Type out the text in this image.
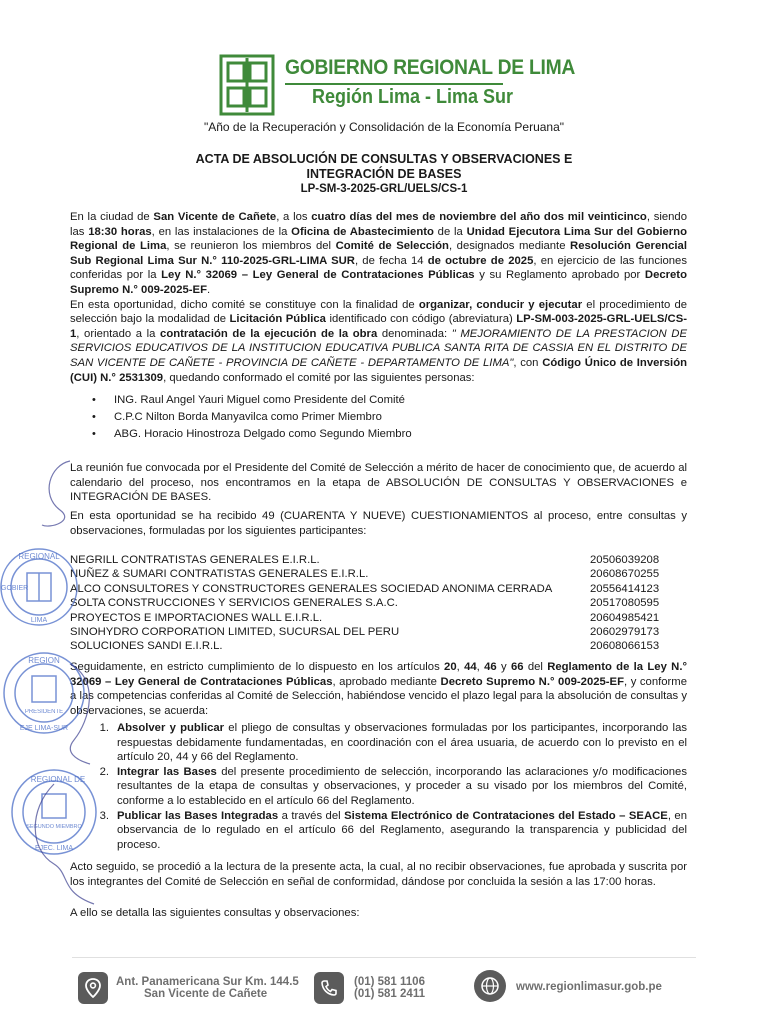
GOBIERNO REGIONAL DE LIMA
Región Lima - Lima Sur
"Año de la Recuperación y Consolidación de la Economía Peruana"
ACTA DE ABSOLUCIÓN DE CONSULTAS Y OBSERVACIONES E
INTEGRACIÓN DE BASES
LP-SM-3-2025-GRL/UELS/CS-1
En la ciudad de San Vicente de Cañete, a los cuatro días del mes de noviembre del año dos mil veinticinco, siendo las 18:30 horas, en las instalaciones de la Oficina de Abastecimiento de la Unidad Ejecutora Lima Sur del Gobierno Regional de Lima, se reunieron los miembros del Comité de Selección, designados mediante Resolución Gerencial Sub Regional Lima Sur N.° 110-2025-GRL-LIMA SUR, de fecha 14 de octubre de 2025, en ejercicio de las funciones conferidas por la Ley N.° 32069 – Ley General de Contrataciones Públicas y su Reglamento aprobado por Decreto Supremo N.° 009-2025-EF.
En esta oportunidad, dicho comité se constituye con la finalidad de organizar, conducir y ejecutar el procedimiento de selección bajo la modalidad de Licitación Pública identificado con código (abreviatura) LP-SM-003-2025-GRL-UELS/CS-1, orientado a la contratación de la ejecución de la obra denominada: " MEJORAMIENTO DE LA PRESTACION DE SERVICIOS EDUCATIVOS DE LA INSTITUCION EDUCATIVA PUBLICA SANTA RITA DE CASSIA EN EL DISTRITO DE SAN VICENTE DE CAÑETE - PROVINCIA DE CAÑETE - DEPARTAMENTO DE LIMA", con Código Único de Inversión (CUI) N.° 2531309, quedando conformado el comité por las siguientes personas:
•	ING. Raul Angel Yauri Miguel como Presidente del Comité
•	C.P.C Nilton Borda Manyavilca como Primer Miembro
•	ABG. Horacio Hinostroza Delgado como Segundo Miembro
La reunión fue convocada por el Presidente del Comité de Selección a mérito de hacer de conocimiento que, de acuerdo al calendario del proceso, nos encontramos en la etapa de ABSOLUCIÓN DE CONSULTAS Y OBSERVACIONES e INTEGRACIÓN DE BASES.
En esta oportunidad se ha recibido 49 (CUARENTA Y NUEVE) CUESTIONAMIENTOS al proceso, entre consultas y observaciones, formuladas por los siguientes participantes:
NEGRILL CONTRATISTAS GENERALES E.I.R.L.	20506039208
NUÑEZ & SUMARI CONTRATISTAS GENERALES E.I.R.L.	20608670255
ALCO CONSULTORES Y CONSTRUCTORES GENERALES SOCIEDAD ANONIMA CERRADA	20556414123
SOLTA CONSTRUCCIONES Y SERVICIOS GENERALES S.A.C.	20517080595
PROYECTOS E IMPORTACIONES WALL E.I.R.L.	20604985421
SINOHYDRO CORPORATION LIMITED, SUCURSAL DEL PERU	20602979173
SOLUCIONES SANDI E.I.R.L.	20608066153
Seguidamente, en estricto cumplimiento de lo dispuesto en los artículos 20, 44, 46 y 66 del Reglamento de la Ley N.° 32069 – Ley General de Contrataciones Públicas, aprobado mediante Decreto Supremo N.° 009-2025-EF, y conforme a las competencias conferidas al Comité de Selección, habiéndose vencido el plazo legal para la absolución de consultas y observaciones, se acuerda:
1. Absolver y publicar el pliego de consultas y observaciones formuladas por los participantes, incorporando las respuestas debidamente fundamentadas, en coordinación con el área usuaria, de acuerdo con lo previsto en el artículo 20, 44 y 66 del Reglamento.
2. Integrar las Bases del presente procedimiento de selección, incorporando las aclaraciones y/o modificaciones resultantes de la etapa de consultas y observaciones, y proceder a su visado por los miembros del Comité, conforme a lo establecido en el artículo 66 del Reglamento.
3. Publicar las Bases Integradas a través del Sistema Electrónico de Contrataciones del Estado – SEACE, en observancia de lo regulado en el artículo 66 del Reglamento, asegurando la transparencia y publicidad del proceso.
Acto seguido, se procedió a la lectura de la presente acta, la cual, al no recibir observaciones, fue aprobada y suscrita por los integrantes del Comité de Selección en señal de conformidad, dándose por concluida la sesión a las 17:00 horas.
A ello se detalla las siguientes consultas y observaciones:
REGIONAL
GOBIER
LIMA
REGION
PRESIDENTE
EJE LIMA-SUR
REGIONAL DE
SEGUNDO MIEMBRO
EJEC. LIMA
Ant. Panamericana Sur Km. 144.5
San Vicente de Cañete
(01) 581 1106
(01) 581 2411
www.regionlimasur.gob.pe
